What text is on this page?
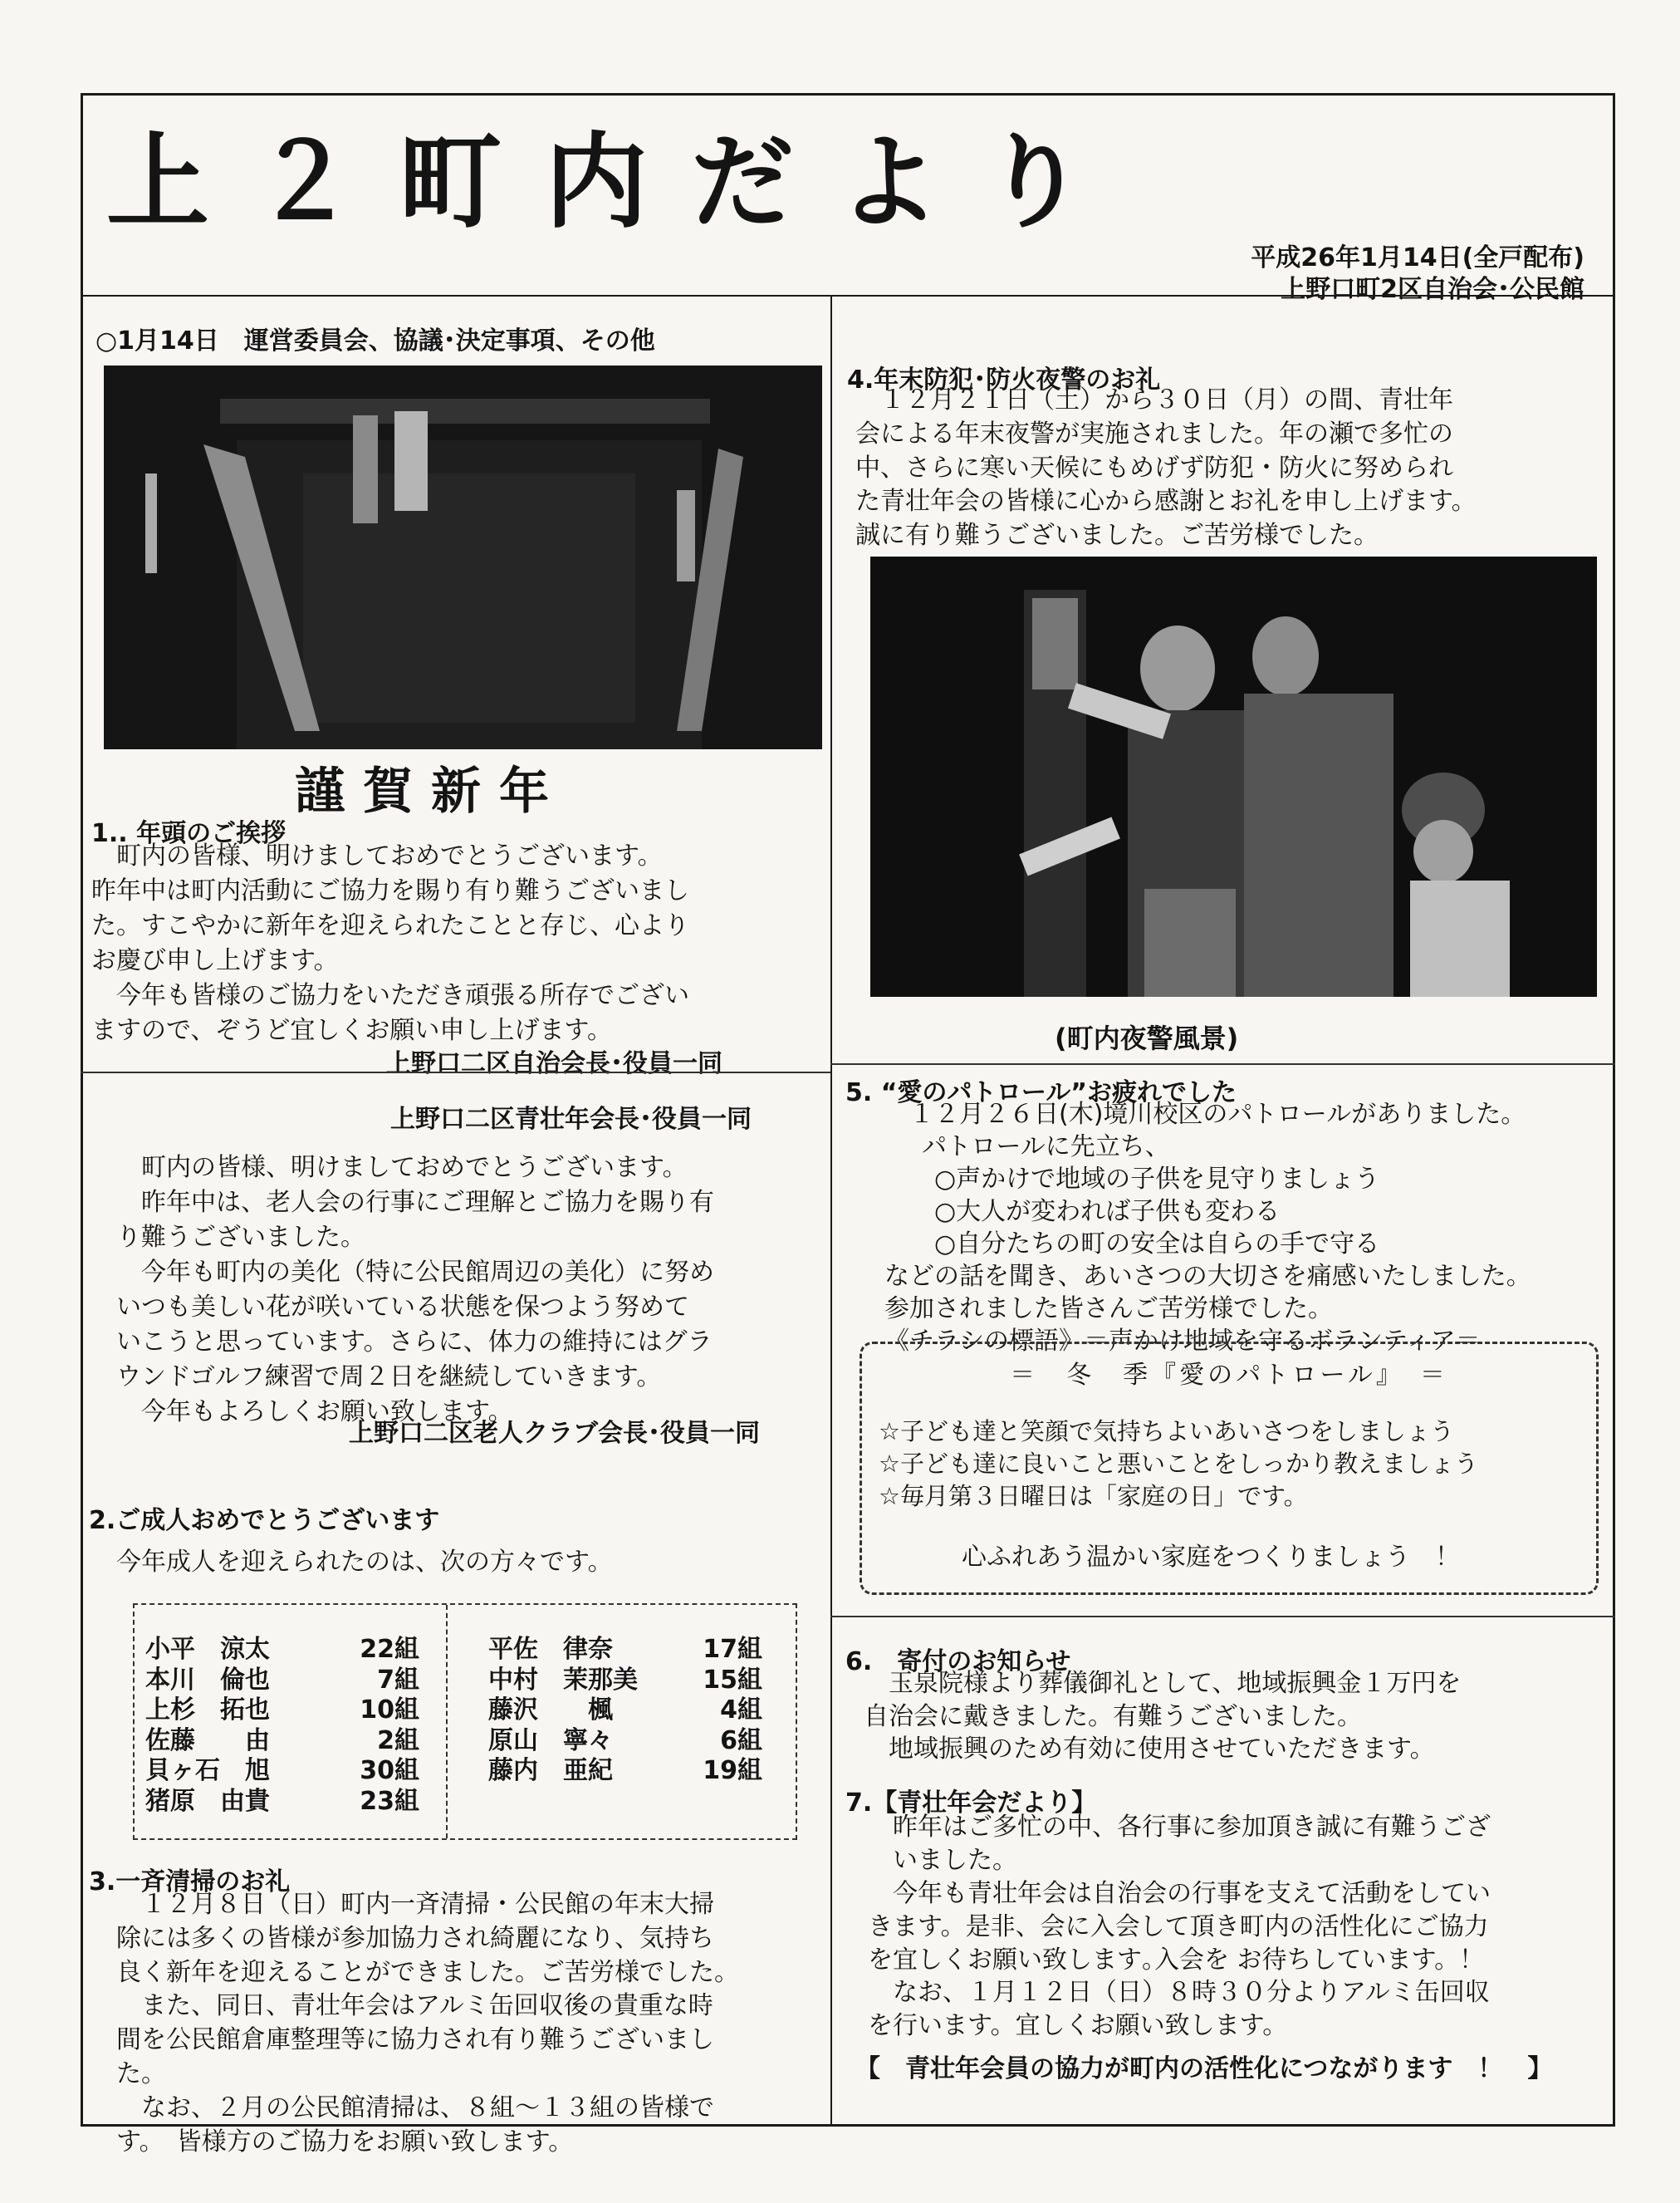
上２町内だより
平成26年1月14日(全戸配布)
上野口町2区自治会･公民館
○1月14日　運営委員会、協議･決定事項、その他
謹賀新年
1.. 年頭のご挨拶

町内の皆様、明けましておめでとうございます。

昨年中は町内活動にご協力を賜り有り難うございまし

た。すこやかに新年を迎えられたことと存じ、心より

お慶び申し上げます。

今年も皆様のご協力をいただき頑張る所存でござい

ますので、ぞうど宜しくお願い申し上げます。

上野口二区自治会長･役員一同
上野口二区青壮年会長･役員一同

町内の皆様、明けましておめでとうございます。

昨年中は、老人会の行事にご理解とご協力を賜り有

り難うございました。

今年も町内の美化（特に公民館周辺の美化）に努め

いつも美しい花が咲いている状態を保つよう努めて

いこうと思っています。さらに、体力の維持にはグラ

ウンドゴルフ練習で周２日を継続していきます。

今年もよろしくお願い致します。

上野口二区老人クラブ会長･役員一同
2.ご成人おめでとうございます
今年成人を迎えられたのは、次の方々です。
小平　涼太	22組
本川　倫也	7組
上杉　拓也	10組
佐藤　　由	2組
貝ヶ石　旭	30組
猪原　由貴	23組
平佐　律奈	17組
中村　茉那美	15組
藤沢　　楓	4組
原山　寧々	6組
藤内　亜紀	19組
3.一斉清掃のお礼

１２月８日（日）町内一斉清掃・公民館の年末大掃

除には多くの皆様が参加協力され綺麗になり、気持ち

良く新年を迎えることができました。ご苦労様でした。

また、同日、青壮年会はアルミ缶回収後の貴重な時

間を公民館倉庫整理等に協力され有り難うございまし

た。

なお、２月の公民館清掃は、８組～１３組の皆様で

す。　皆様方のご協力をお願い致します。

4.年末防犯･防火夜警のお礼

１２月２１日（土）から３０日（月）の間、青壮年

会による年末夜警が実施されました。年の瀬で多忙の

中、さらに寒い天候にもめげず防犯・防火に努められ

た青壮年会の皆様に心から感謝とお礼を申し上げます。

誠に有り難うございました。ご苦労様でした。

(町内夜警風景)
5. “愛のパトロール”お疲れでした

１２月２６日(木)境川校区のパトロールがありました。

パトロールに先立ち、

○声かけで地域の子供を見守りましょう

○大人が変われば子供も変わる

○自分たちの町の安全は自らの手で守る

などの話を聞き、あいさつの大切さを痛感いたしました。

参加されました皆さんご苦労様でした。

《チラシの標語》＝声かけ地域を守るボランティア＝

＝　冬　季『愛のパトロール』　＝
☆子ども達と笑顔で気持ちよいあいさつをしましょう
☆子ども達に良いこと悪いことをしっかり教えましょう
☆毎月第３日曜日は「家庭の日」です。
心ふれあう温かい家庭をつくりましょう　！
6.　寄付のお知らせ

玉泉院様より葬儀御礼として、地域振興金１万円を

自治会に戴きました。有難うございました。

地域振興のため有効に使用させていただきます。

7.【青壮年会だより】

昨年はご多忙の中、各行事に参加頂き誠に有難うござ

いました。

今年も青壮年会は自治会の行事を支えて活動をしてい

きます。是非、会に入会して頂き町内の活性化にご協力

を宜しくお願い致します｡入会を お待ちしています。！

なお、１月１２日（日）８時３０分よりアルミ缶回収

を行います。宜しくお願い致します。

【　青壮年会員の協力が町内の活性化につながります　！　】
